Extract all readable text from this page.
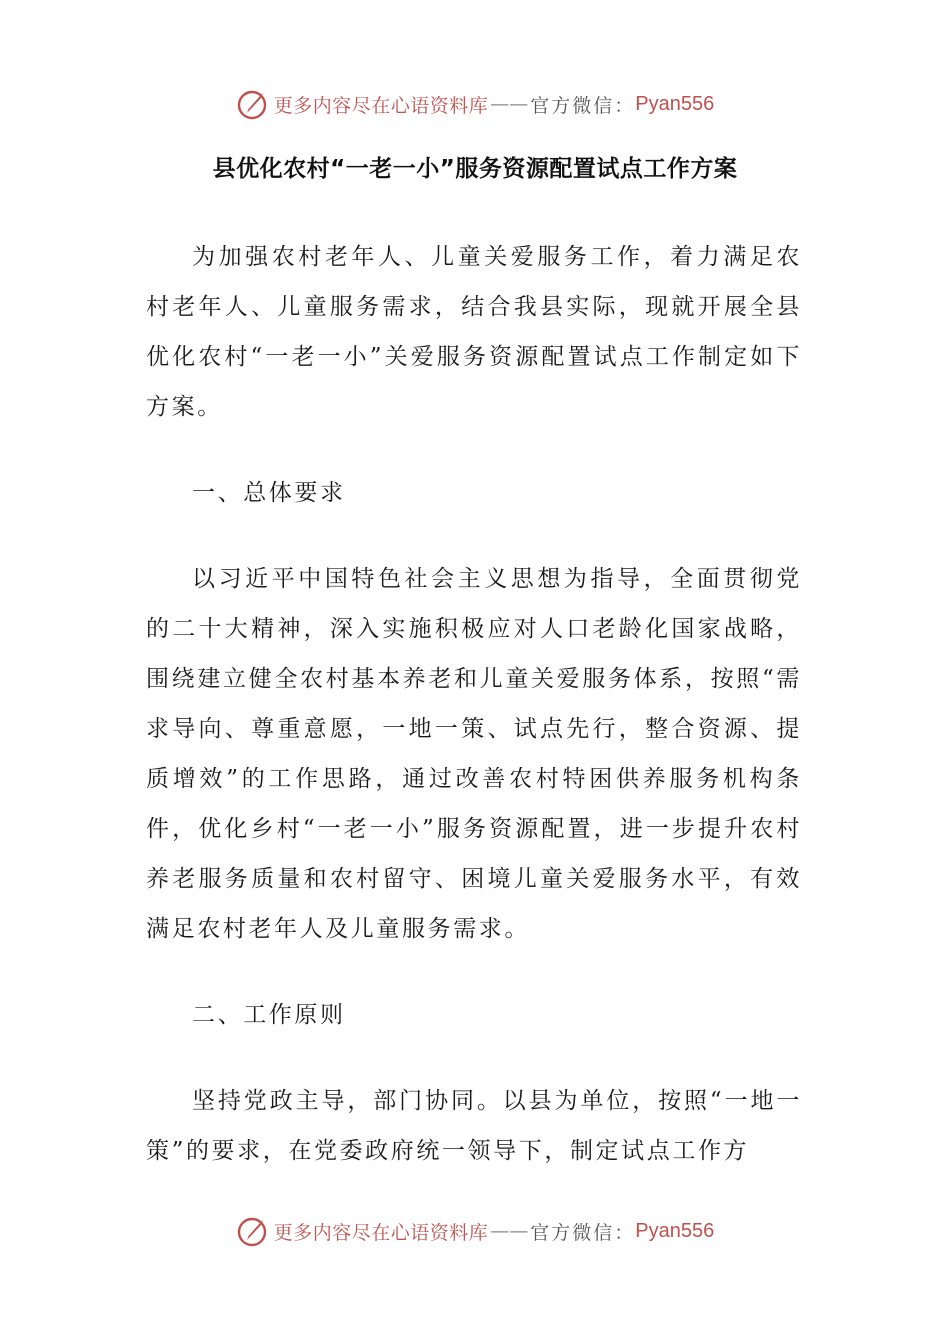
更多内容尽在心语资料库 —— 官方微信： Pyan556
县优化农村“一老一小”服务资源配置试点工作方案

为加强农村老年人、儿童关爱服务工作，着力满足农村老年人、儿童服务需求，结合我县实际，现就开展全县优化农村“一老一小”关爱服务资源配置试点工作制定如下方案。

一、总体要求

以习近平中国特色社会主义思想为指导，全面贯彻党的二十大精神，深入实施积极应对人口老龄化国家战略，围绕建立健全农村基本养老和儿童关爱服务体系，按照“需求导向、尊重意愿，一地一策、试点先行，整合资源、提质增效”的工作思路，通过改善农村特困供养服务机构条件，优化乡村“一老一小”服务资源配置，进一步提升农村养老服务质量和农村留守、困境儿童关爱服务水平，有效满足农村老年人及儿童服务需求。

二、工作原则

坚持党政主导，部门协同。以县为单位，按照“一地一策”的要求，在党委政府统一领导下，制定试点工作方

更多内容尽在心语资料库 —— 官方微信： Pyan556
